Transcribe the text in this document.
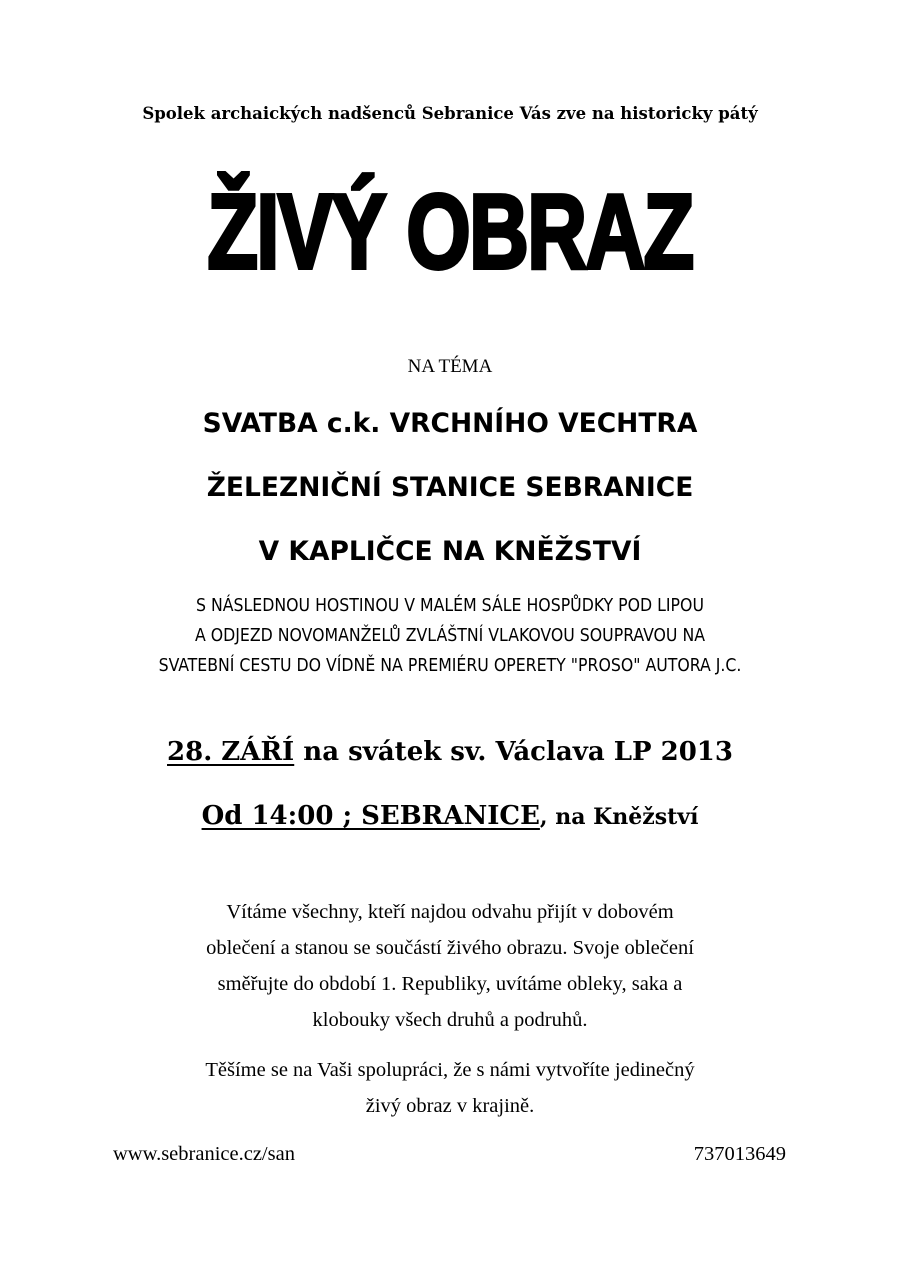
Spolek archaických nadšenců Sebranice Vás zve na historicky pátý
ŽIVÝ OBRAZ
NA TÉMA
SVATBA c.k. VRCHNÍHO VECHTRA
ŽELEZNIČNÍ STANICE SEBRANICE
V KAPLIČCE NA KNĚŽSTVÍ
S NÁSLEDNOU HOSTINOU V MALÉM SÁLE HOSPŮDKY POD LIPOU
A ODJEZD NOVOMANŽELŮ ZVLÁŠTNÍ VLAKOVOU SOUPRAVOU NA
SVATEBNÍ CESTU DO VÍDNĚ NA PREMIÉRU OPERETY "PROSO" AUTORA J.C.
28. ZÁŘÍ na svátek sv. Václava LP 2013
Od 14:00 ; SEBRANICE, na Kněžství
Vítáme všechny, kteří najdou odvahu přijít v dobovém
oblečení a stanou se součástí živého obrazu. Svoje oblečení
směřujte do období 1. Republiky, uvítáme obleky, saka a
klobouky všech druhů a podruhů.
Těšíme se na Vaši spolupráci, že s námi vytvoříte jedinečný
živý obraz v krajině.
www.sebranice.cz/san	737013649
